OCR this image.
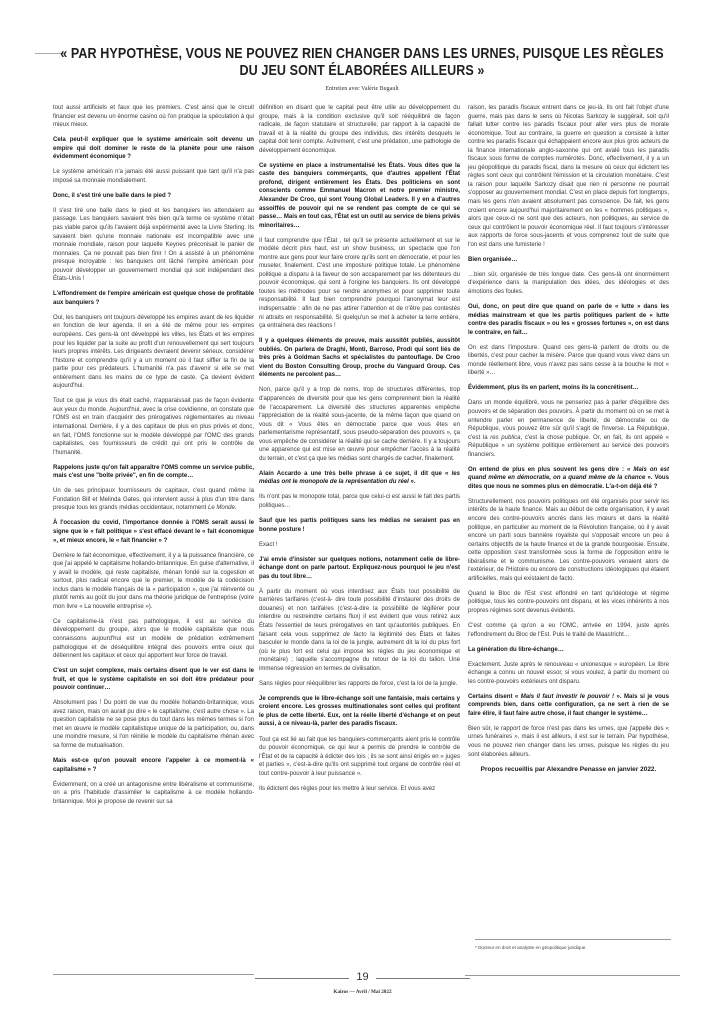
« PAR HYPOTHÈSE, VOUS NE POUVEZ RIEN CHANGER DANS LES URNES, PUISQUE LES RÈGLES

DU JEU SONT ÉLABORÉES AILLEURS »

Entretien avec Valérie Bugault

tout aussi artificiels et faux que les premiers. C'est ainsi que le circuit financier est devenu un énorme casino où l'on pratique la spéculation à qui mieux mieux.

Cela peut-il expliquer que le système américain soit devenu un empire qui doit dominer le reste de la planète pour une raison évidemment économique ?

Le système américain n'a jamais été aussi puissant que tant qu'il n'a pas imposé sa monnaie mondialement.

Donc, il s'est tiré une balle dans le pied ?

Il s'est tiré une balle dans le pied et les banquiers les attendaient au passage. Les banquiers savaient très bien qu'à terme ce système n'était pas viable parce qu'ils l'avaient déjà expérimenté avec la Livre Sterling. Ils savaient bien qu'une monnaie nationale est incompatible avec une monnaie mondiale, raison pour laquelle Keynes préconisait le panier de monnaies. Ça ne pouvait pas bien finir ! On a assisté à un phénomène presque incroyable : les banquiers ont lâché l'empire américain pour pouvoir développer un gouvernement mondial qui soit indépendant des États-Unis !

L'effondrement de l'empire américain est quelque chose de profitable aux banquiers ?

Oui, les banquiers ont toujours développé les empires avant de les liquider en fonction de leur agenda. Il en a été de même pour les empires européens. Ces gens-là ont développé les villes, les États et les empires pour les liquider par la suite au profit d'un renouvellement qui sert toujours leurs propres intérêts. Les dirigeants devraient devenir sérieux, considérer l'histoire et comprendre qu'il y a un moment où il faut siffler la fin de la partie pour ces prédateurs. L'humanité n'a pas d'avenir si elle se met entièrement dans les mains de ce type de caste. Ça devient évident aujourd'hui.

Tout ce que je vous dis était caché, n'apparaissait pas de façon évidente aux yeux du monde. Aujourd'hui, avec la crise covidienne, on constate que l'OMS est en train d'acquérir des prérogatives réglementaires au niveau international. Derrière, il y a des capitaux de plus en plus privés et donc, en fait, l'OMS fonctionne sur le modèle développé par l'OMC des grands capitalistes, ces fournisseurs de crédit qui ont pris le contrôle de l'humanité.

Rappelons juste qu'on fait apparaître l'OMS comme un service public, mais c'est une "boîte privée", en fin de compte…

Un de ses principaux fournisseurs de capitaux, c'est quand même la Fondation Bill et Melinda Gates, qui intervient aussi à plus d'un titre dans presque tous les grands médias occidentaux, notamment Le Monde.

À l'occasion du covid, l'importance donnée à l'OMS serait aussi le signe que le « fait politique » s'est effacé devant le « fait économique », et mieux encore, le « fait financier » ?

Derrière le fait économique, effectivement, il y a la puissance financière, ce que j'ai appelé le capitalisme hollando-britannique. En guise d'alternative, il y avait le modèle, qui reste capitaliste, rhénan fondé sur la cogestion et surtout, plus radical encore que le premier, le modèle de la codécision inclus dans le modèle français de la « participation », que j'ai réinventé ou plutôt remis au goût du jour dans ma théorie juridique de l'entreprise (voire mon livre « La nouvelle entreprise »).

Ce capitalisme-là n'est pas pathologique, il est au service du développement du groupe, alors que le modèle capitaliste que nous connaissons aujourd'hui est un modèle de prédation extrêmement pathologique et de déséquilibre intégral des pouvoirs entre ceux qui détiennent les capitaux et ceux qui apportent leur force de travail.

C'est un sujet complexe, mais certains disent que le ver est dans le fruit, et que le système capitaliste en soi doit être prédateur pour pouvoir continuer…

Absolument pas ! Du point de vue du modèle hollando-britannique, vous avez raison, mais on aurait pu dire « le capitalisme, c'est autre chose ». La question capitaliste ne se pose plus du tout dans les mêmes termes si l'on met en œuvre le modèle capitalistique unique de la participation, ou, dans une moindre mesure, si l'on réinitie le modèle du capitalisme rhénan avec sa forme de mutualisation.

Mais est-ce qu'on pouvait encore l'appeler à ce moment-là « capitalisme » ?

Évidemment, on a créé un antagonisme entre libéralisme et communisme, on a pris l'habitude d'assimiler le capitalisme à ce modèle hollando-britannique. Moi je propose de revenir sur sa

définition en disant que le capital peut être utile au développement du groupe, mais à la condition exclusive qu'il soit rééquilibré de façon radicale, de façon statutaire et structurelle, par rapport à la capacité de travail et à la réalité du groupe des individus, des intérêts desquels le capital doit tenir compte. Autrement, c'est une prédation, une pathologie de développement économique.

Ce système en place a instrumentalisé les États. Vous dites que la caste des banquiers commerçants, que d'autres appellent l'État profond, dirigent entièrement les États. Des politiciens en sont conscients comme Emmanuel Macron et notre premier ministre, Alexander De Croo, qui sont Young Global Leaders. Il y en a d'autres assoiffés de pouvoir qui ne se rendent pas compte de ce qui se passe… Mais en tout cas, l'État est un outil au service de biens privés minoritaires…

Il faut comprendre que l'État , tel qu'il se présente actuellement et sur le modèle décrit plus haut, est un show business, un spectacle que l'on montre aux gens pour leur faire croire qu'ils sont en démocratie, et pour les museler, finalement. C'est une imposture politique totale. Le phénomène politique a disparu à la faveur de son accaparement par les détenteurs du pouvoir économique, qui sont à l'origine les banquiers. Ils ont développé toutes les méthodes pour se rendre anonymes et pour supprimer toute responsabilité. Il faut bien comprendre pourquoi l'anonymat leur est indispensable : afin de ne pas attirer l'attention et de n'être pas contestés ni attraits en responsabilité. Si quelqu'un se met à acheter la terre entière, ça entraînera des réactions !

Il y a quelques éléments de preuve, mais aussitôt publiés, aussitôt oubliés. On parlera de Draghi, Monti, Barroso, Prodi qui sont liés de très près à Goldman Sachs et spécialistes du pantouflage. De Croo vient du Boston Consulting Group, proche du Vanguard Group. Ces éléments ne percolent pas…

Non, parce qu'il y a trop de noms, trop de structures différentes, trop d'apparences de diversité pour que les gens comprennent bien la réalité de l'accaparement. La diversité des structures apparentes empêche l'appréciation de la réalité sous-jacente, de la même façon que quand on vous dit « Vous êtes en démocratie parce que vous êtes en parlementarisme représentatif, sous pseudo-séparation des pouvoirs », ça vous empêche de considérer la réalité qui se cache derrière. Il y a toujours une apparence qui est mise en œuvre pour empêcher l'accès à la réalité du terrain, et c'est ça que les médias sont chargés de cacher, finalement.

Alain Accardo a une très belle phrase à ce sujet, il dit que « les médias ont le monopole de la représentation du réel ».

Ils n'ont pas le monopole total, parce que celui-ci est aussi le fait des partis politiques…

Sauf que les partis politiques sans les médias ne seraient pas en bonne posture !

Exact !

J'ai envie d'insister sur quelques notions, notamment celle de libre-échange dont on parle partout. Expliquez-nous pourquoi le jeu n'est pas du tout libre…

À partir du moment où vous interdisez aux États tout possibilité de barrières tarifaires (c'est-à- dire toute possibilité d'instaurer des droits de douanes) et non tarifaires (c'est-à-dire la possibilité de légiférer pour interdire ou restreindre certains flux) il est évident que vous retirez aux États l'essentiel de leurs prérogatives en tant qu'autorités publiques. En faisant cela vous supprimez de facto la légitimité des États et faites basculer le monde dans la loi de la jungle, autrement dit la loi du plus fort (où le plus fort est celui qui impose les règles du jeu économique et monétaire) ; laquelle s'accompagne du retour de la loi du talion. Une immense régression en termes de civilisation.

Sans règles pour rééquilibrer les rapports de force, c'est la loi de la jungle.

Je comprends que le libre-échange soit une fantaisie, mais certains y croient encore. Les grosses multinationales sont celles qui profitent le plus de cette liberté. Eux, ont la réelle liberté d'échange et on peut aussi, à ce niveau-là, parler des paradis fiscaux.

Tout ça est lié au fait que les banquiers-commerçants aient pris le contrôle du pouvoir économique, ce qui leur a permis de prendre le contrôle de l'État et de la capacité à édicter des lois ; ils se sont ainsi érigés en « juges et parties », c'est-à-dire qu'ils ont supprimé tout organe de contrôle réel et tout contre-pouvoir à leur puissance ».

Ils édictent des règles pour les mettre à leur service. Et vous avez

raison, les paradis fiscaux entrent dans ce jeu-là. Ils ont fait l'objet d'une guerre, mais pas dans le sens où Nicolas Sarkozy le suggérait, soit qu'il fallait lutter contre les paradis fiscaux pour aller vers plus de morale économique. Tout au contraire, la guerre en question a consisté à lutter contre les paradis fiscaux qui échappaient encore aux plus gros acteurs de la finance internationale anglo-saxonne qui ont avalé tous les paradis fiscaux sous forme de comptes numérotés. Donc, effectivement, il y a un jeu géopolitique du paradis fiscal, dans la mesure où ceux qui édictent les règles sont ceux qui contrôlent l'émission et la circulation monétaire. C'est la raison pour laquelle Sarkozy disait que rien ni personne ne pourrait s'opposer au gouvernement mondial. C'est en place depuis fort longtemps, mais les gens n'en avaient absolument pas conscience. De fait, les gens croient encore aujourd'hui majoritairement en les « hommes politiques », alors que ceux-ci ne sont que des acteurs, non politiques, au service de ceux qui contrôlent le pouvoir économique réel. Il faut toujours s'intéresser aux rapports de force sous-jacents et vous comprenez tout de suite que l'on est dans une fumisterie !

Bien organisée…

…bien sûr, organisée de très longue date. Ces gens-là ont énormément d'expérience dans la manipulation des idées, des idéologies et des émotions des foules.

Oui, donc, on peut dire que quand on parle de « lutte » dans les médias mainstream et que les partis politiques parlent de « lutte contre des paradis fiscaux » ou les « grosses fortunes », on est dans le contraire, en fait…

On est dans l'imposture. Quand ces gens-là parlent de droits ou de libertés, c'est pour cacher la misère. Parce que quand vous vivez dans un monde réellement libre, vous n'avez pas sans cesse à la bouche le mot « liberté »…

Évidemment, plus ils en parlent, moins ils la concrétisent…

Dans un monde équilibré, vous ne penseriez pas à parler d'équilibre des pouvoirs et de séparation des pouvoirs. À partir du moment où on se met à entendre parler en permanence de liberté, de démocratie ou de République, vous pouvez être sûr qu'il s'agit de l'inverse. La République, c'est la res publica, c'est la chose publique. Or, en fait, ils ont appelé « République » un système politique entièrement au service des pouvoirs financiers.

On entend de plus en plus souvent les gens dire : « Mais on est quand même en démocratie, on a quand même de la chance ». Vous dites que nous ne sommes plus en démocratie. L'a-t-on déjà été ?

Structurellement, nos pouvoirs politiques ont été organisés pour servir les intérêts de la haute finance. Mais au début de cette organisation, il y avait encore des contre-pouvoirs ancrés dans les mœurs et dans la réalité politique, en particulier au moment de la Révolution française, où il y avait encore un parti sous bannière royaliste qui s'opposait encore un peu à certains objectifs de la haute finance et de la grande bourgeoisie. Ensuite, cette opposition s'est transformée sous la forme de l'opposition entre le libéralisme et le communisme. Les contre-pouvoirs venaient alors de l'extérieur, de l'Histoire ou encore de constructions idéologiques qui étaient artificielles, mais qui existaient de facto.

Quand le Bloc de l'Est s'est effondré en tant qu'idéologie et régime politique, tous les contre-pouvoirs ont disparu, et les vices inhérents à nos propres régimes sont devenus évidents.

C'est comme ça qu'on a eu l'OMC, arrivée en 1994, juste après l'effondrement du Bloc de l'Est. Puis le traité de Maastricht…

La génération du libre-échange…

Exactement. Juste après le renouveau « unionesque » européen. Le libre échange a connu un nouvel essor, si vous voulez, à partir du moment où les contre-pouvoirs extérieurs ont disparu.

Certains disent « Mais il faut investir le pouvoir ! ». Mais si je vous comprends bien, dans cette configuration, ça ne sert à rien de se faire élire, il faut faire autre chose, il faut changer le système…

Bien sûr, le rapport de force n'est pas dans les urnes, que j'appelle des « urnes funéraires », mais il est ailleurs, il est sur le terrain. Par hypothèse, vous ne pouvez rien changer dans les urnes, puisque les règles du jeu sont élaborées ailleurs.

Propos recueillis par Alexandre Penasse en janvier 2022.

* Docteur en droit et analyste en géopolitique juridique.
19
Kairos — Avril / Mai 2022
